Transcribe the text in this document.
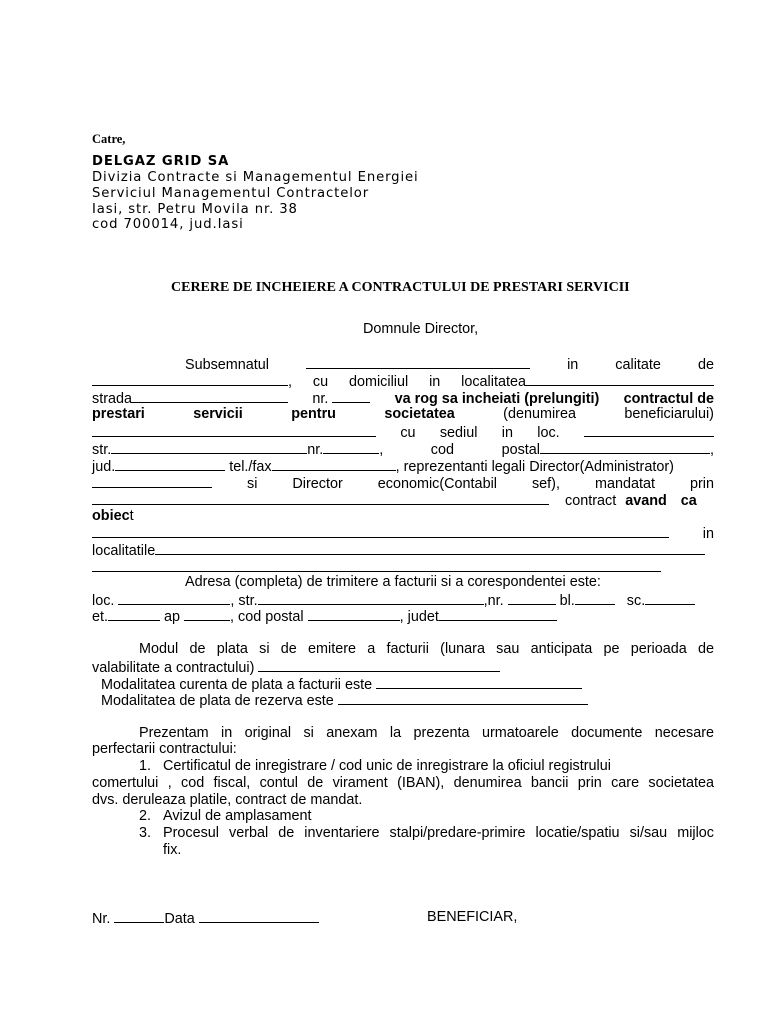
Catre,
DELGAZ GRID SA
Divizia Contracte si Managementul Energiei
Serviciul Managementul Contractelor
Iasi, str. Petru Movila nr. 38
cod 700014, jud.Iasi
CERERE DE INCHEIERE A CONTRACTULUI DE PRESTARI SERVICII
Domnule Director,
Subsemnatul	in	calitate	de
, cu domiciliul in localitatea
strada	nr.	va rog sa incheiati (prelungiti) contractul de
prestari	servicii	pentru	societatea	(denumirea	beneficiarului)
cu sediul in loc.
str.	nr.	,	cod	postal	,
jud.	tel./fax	, reprezentanti legali Director(Administrator)
si Director economic(Contabil sef), mandatat prin
contract avand ca
obiect
in
localitatile
Adresa (completa) de trimitere a facturii si a corespondentei este:
loc.	, str.	,nr.	bl.	sc.
et.	ap	, cod postal	, judet
Modul de plata si de emitere a facturii (lunara sau anticipata pe perioada de
valabilitate a contractului)
Modalitatea curenta de plata a facturii este
Modalitatea de plata de rezerva este
Prezentam in original si anexam la prezenta urmatoarele documente necesare
perfectarii contractului:
1. Certificatul de inregistrare / cod unic de inregistrare la oficiul registrului
comertului , cod fiscal, contul de virament (IBAN), denumirea bancii prin care societatea
dvs. deruleaza platile, contract de mandat.
2. Avizul de amplasament
3. Procesul verbal de inventariere stalpi/predare-primire locatie/spatiu si/sau mijloc
fix.
Nr.	Data	BENEFICIAR,
